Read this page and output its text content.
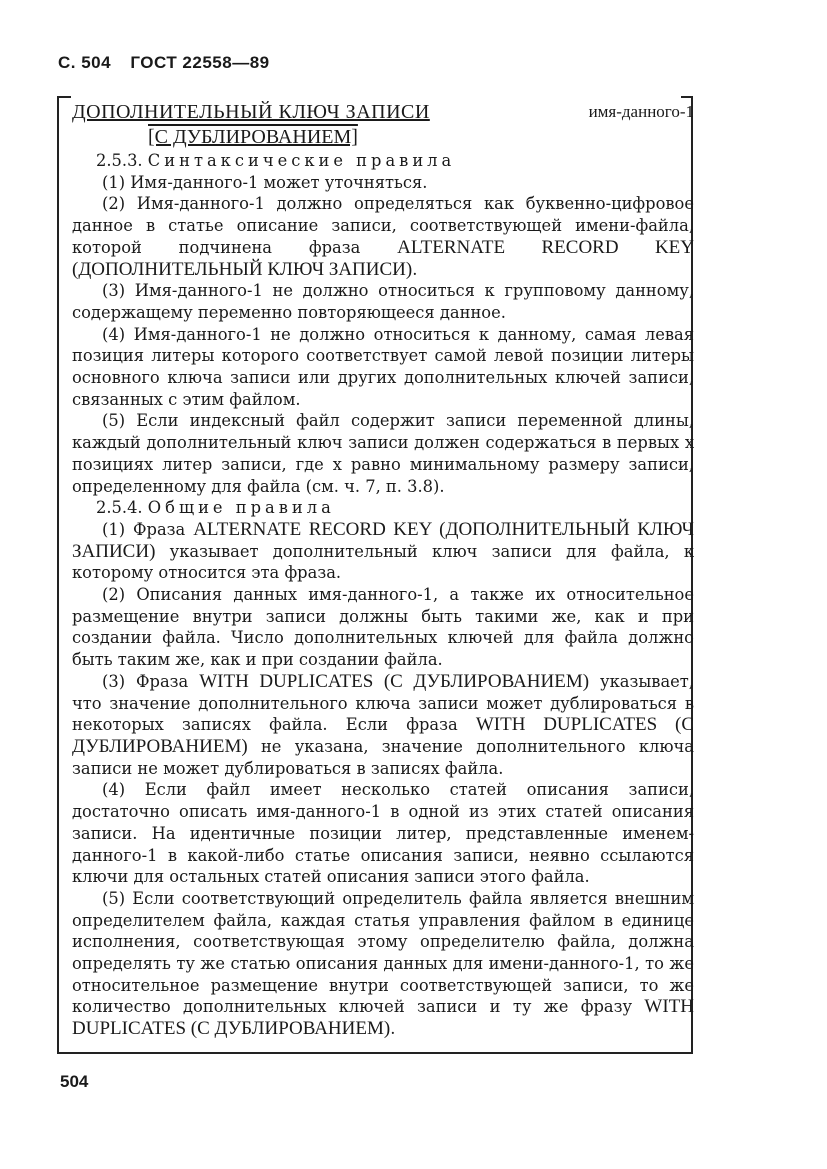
С. 504 ГОСТ 22558—89
ДОПОЛНИТЕЛЬНЫЙ КЛЮЧ ЗАПИСИ	имя-данного-1
[С ДУБЛИРОВАНИЕМ]
2.5.3. Синтаксические правила
(1) Имя-данного-1 может уточняться.
(2) Имя-данного-1 должно определяться как буквенно-цифровое данное в статье описание записи, соответствующей имени-файла, которой подчинена фраза ALTERNATE RECORD KEY (ДОПОЛНИТЕЛЬНЫЙ КЛЮЧ ЗАПИСИ).
(3) Имя-данного-1 не должно относиться к групповому данному, содержащему переменно повторяющееся данное.
(4) Имя-данного-1 не должно относиться к данному, самая левая позиция литеры которого соответствует самой левой позиции литеры основного ключа записи или других дополнительных ключей записи, связанных с этим файлом.
(5) Если индексный файл содержит записи переменной длины, каждый дополнительный ключ записи должен содержаться в первых x позициях литер записи, где x равно минимальному размеру записи, определенному для файла (см. ч. 7, п. 3.8).
2.5.4. Общие правила
(1) Фраза ALTERNATE RECORD KEY (ДОПОЛНИТЕЛЬНЫЙ КЛЮЧ ЗАПИСИ) указывает дополнительный ключ записи для файла, к которому относится эта фраза.
(2) Описания данных имя-данного-1, а также их относительное размещение внутри записи должны быть такими же, как и при создании файла. Число дополнительных ключей для файла должно быть таким же, как и при создании файла.
(3) Фраза WITH DUPLICATES (С ДУБЛИРОВАНИЕМ) указывает, что значение дополнительного ключа записи может дублироваться в некоторых записях файла. Если фраза WITH DUPLICATES (С ДУБЛИРОВАНИЕМ) не указана, значение дополнительного ключа записи не может дублироваться в записях файла.
(4) Если файл имеет несколько статей описания записи, достаточно описать имя-данного-1 в одной из этих статей описания записи. На идентичные позиции литер, представленные именем-данного-1 в какой-либо статье описания записи, неявно ссылаются ключи для остальных статей описания записи этого файла.
(5) Если соответствующий определитель файла является внешним определителем файла, каждая статья управления файлом в единице исполнения, соответствующая этому определителю файла, должна определять ту же статью описания данных для имени-данного-1, то же относительное размещение внутри соответствующей записи, то же количество дополнительных ключей записи и ту же фразу WITH DUPLICATES (С ДУБЛИРОВАНИЕМ).
504
